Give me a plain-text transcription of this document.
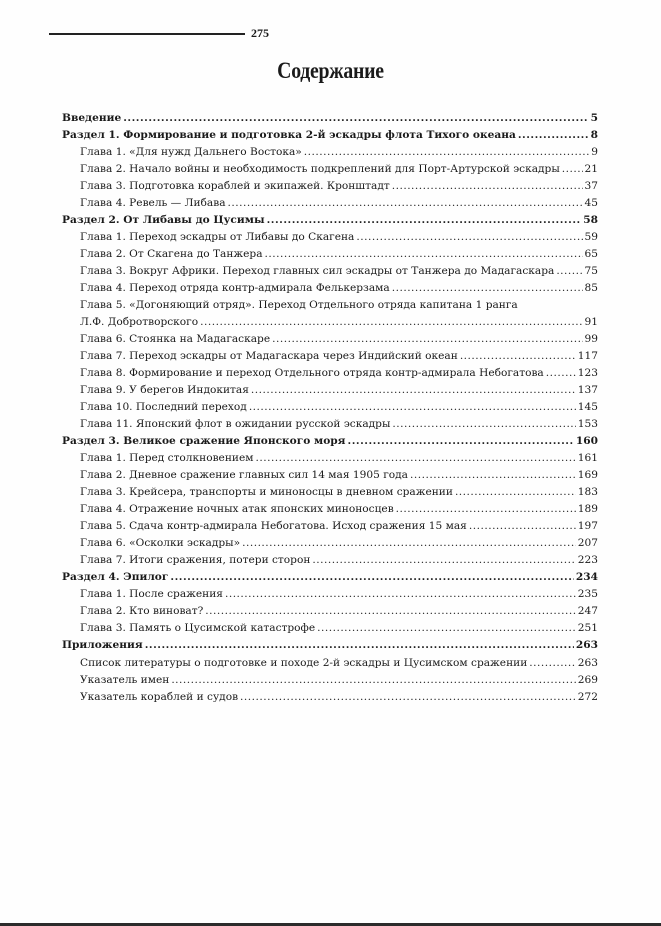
275
Содержание
Введение .....	5
Раздел 1. Формирование и подготовка 2-й эскадры флота Тихого океана .....	8
Глава 1. «Для нужд Дальнего Востока» .....	9
Глава 2. Начало войны и необходимость подкреплений для Порт-Артурской эскадры ..... 21
Глава 3. Подготовка кораблей и экипажей. Кронштадт .....	37
Глава 4. Ревель — Либава .....	45
Раздел 2. От Либавы до Цусимы .....	58
Глава 1. Переход эскадры от Либавы до Скагена .....	59
Глава 2. От Скагена до Танжера .....	65
Глава 3. Вокруг Африки. Переход главных сил эскадры от Танжера до Мадагаскара .....	75
Глава 4. Переход отряда контр-адмирала Фелькерзама .....	85
Глава 5. «Догоняющий отряд». Переход Отдельного отряда капитана 1 ранга
Л.Ф. Добротворского .....	91
Глава 6. Стоянка на Мадагаскаре .....	99
Глава 7. Переход эскадры от Мадагаскара через Индийский океан .....	117
Глава 8. Формирование и переход Отдельного отряда контр-адмирала Небогатова .....	123
Глава 9. У берегов Индокитая .....	137
Глава 10. Последний переход .....	145
Глава 11. Японский флот в ожидании русской эскадры .....	153
Раздел 3. Великое сражение Японского моря .....	160
Глава 1. Перед столкновением .....	161
Глава 2. Дневное сражение главных сил 14 мая 1905 года .....	169
Глава 3. Крейсера, транспорты и миноносцы в дневном сражении .....	183
Глава 4. Отражение ночных атак японских миноносцев .....	189
Глава 5. Сдача контр-адмирала Небогатова. Исход сражения 15 мая .....	197
Глава 6. «Осколки эскадры» .....	207
Глава 7. Итоги сражения, потери сторон .....	223
Раздел 4. Эпилог .....	234
Глава 1. После сражения .....	235
Глава 2. Кто виноват? .....	247
Глава 3. Память о Цусимской катастрофе .....	251
Приложения .....	263
Список литературы о подготовке и походе 2-й эскадры и Цусимском сражении .....	263
Указатель имен .....	269
Указатель кораблей и судов .....	272
